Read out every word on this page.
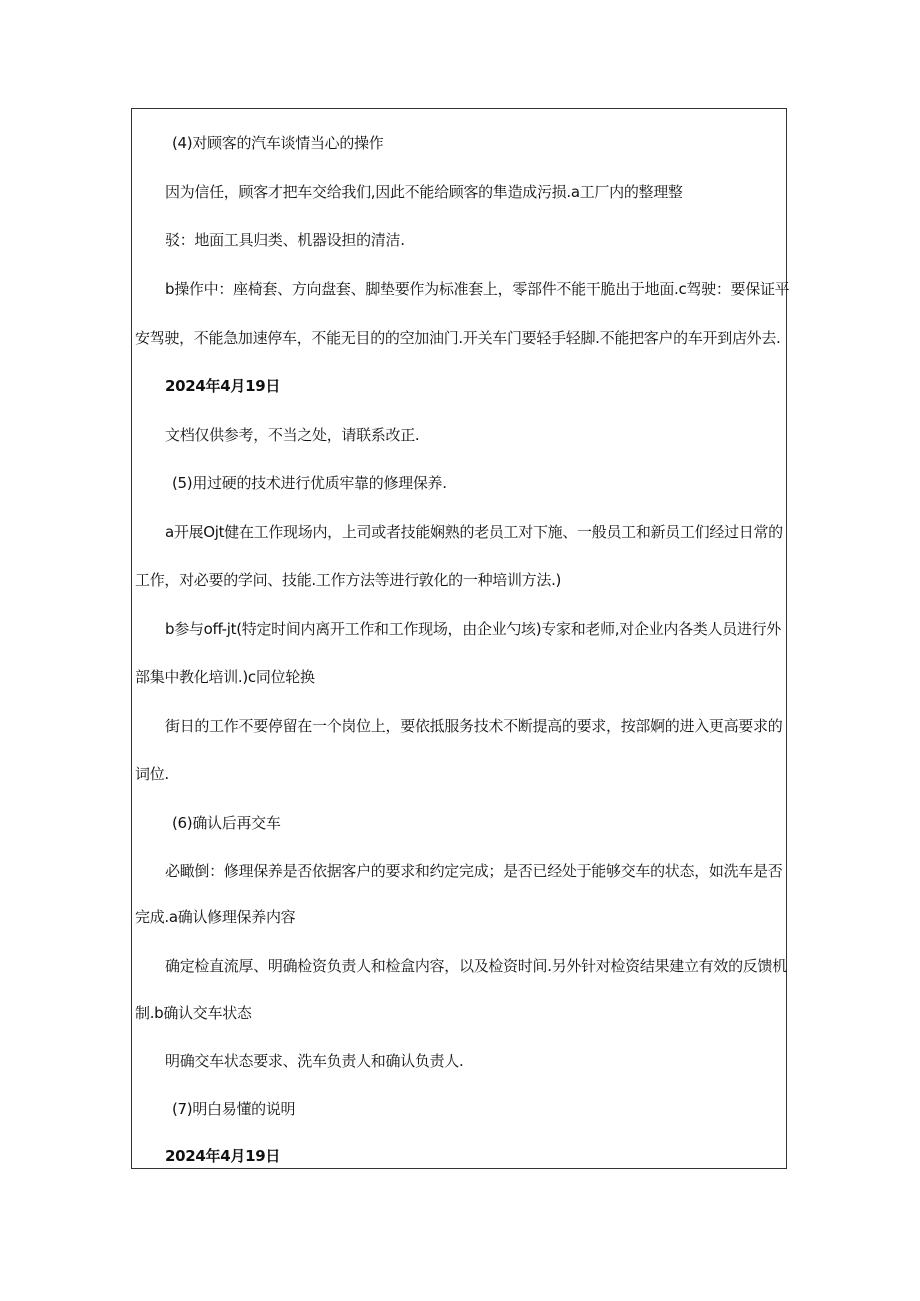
(4)对顾客的汽车谈情当心的操作
因为信任，顾客才把车交给我们,因此不能给顾客的隼造成污损.a工厂内的整理整
驳：地面工具归类、机器设担的清洁.
b操作中：座椅套、方向盘套、脚垫要作为标准套上，零部件不能干脆出于地面.c驾驶：要保证平
安驾驶，不能急加速停车，不能无目的的空加油门.开关车门要轻手轻脚.不能把客户的车开到店外去.
2024年4月19日
文档仅供参考，不当之处，请联系改正.
(5)用过硬的技术进行优质牢靠的修理保养.
a开展Ojt健在工作现场内，上司或者技能娴熟的老员工对下施、一般员工和新员工们经过日常的
工作，对必要的学问、技能.工作方法等进行敦化的一种培训方法.)
b参与off-jt(特定时间内离开工作和工作现场，由企业勺垓)专家和老师,对企业内各类人员进行外
部集中教化培训.)c同位轮换
街日的工作不要停留在一个岗位上，要依抵服务技术不断提高的要求，按部婀的进入更高要求的
词位.
(6)确认后再交车
必瞰倒：修理保养是否依据客户的要求和约定完成；是否已经处于能够交车的状态，如洗车是否
完成.a确认修理保养内容
确定检直流厚、明确检资负责人和检盒内容，以及检资时间.另外针对检资结果建立有效的反馈机
制.b确认交车状态
明确交车状态要求、洗车负责人和确认负责人.
(7)明白易懂的说明
2024年4月19日
